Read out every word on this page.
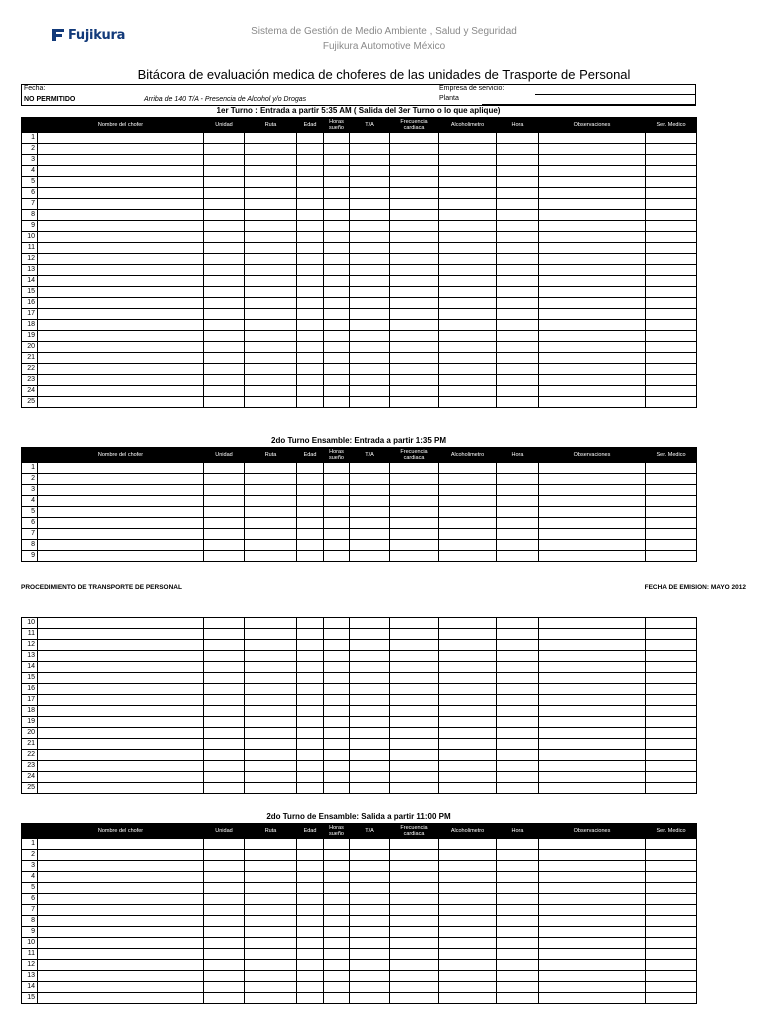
Fujikura	Sistema de Gestión de Medio Ambiente , Salud y Seguridad
Fujikura Automotive México
Bitácora de evaluación medica de choferes de las unidades de Trasporte de Personal
Fecha:
NO PERMITIDO	Arriba de 140 T/A - Presencia de Alcohol y/o Drogas
Empresa de servicio:
Planta
1er Turno : Entrada a partir 5:35 AM ( Salida del 3er Turno o lo que aplique)
	Nombre del chofer	Unidad	Ruta	Edad	Horas sueño	T/A	Frecuencia cardiaca	Alcoholimetro	Hora	Observaciones	Ser. Medico
1											
2											
3											
4											
5											
6											
7											
8											
9											
10											
11											
12											
13											
14											
15											
16											
17											
18											
19											
20											
21											
22											
23											
24											
25											
2do Turno Ensamble: Entrada a partir 1:35 PM
	Nombre del chofer	Unidad	Ruta	Edad	Horas sueño	T/A	Frecuencia cardiaca	Alcoholimetro	Hora	Observaciones	Ser. Medico
1											
2											
3											
4											
5											
6											
7											
8											
9											
PROCEDIMIENTO DE TRANSPORTE DE PERSONAL	FECHA DE EMISION: MAYO 2012
10											
11											
12											
13											
14											
15											
16											
17											
18											
19											
20											
21											
22											
23											
24											
25											
2do Turno de Ensamble: Salida a partir 11:00 PM
	Nombre del chofer	Unidad	Ruta	Edad	Horas sueño	T/A	Frecuencia cardiaca	Alcoholimetro	Hora	Observaciones	Ser. Medico
1											
2											
3											
4											
5											
6											
7											
8											
9											
10											
11											
12											
13											
14											
15											
